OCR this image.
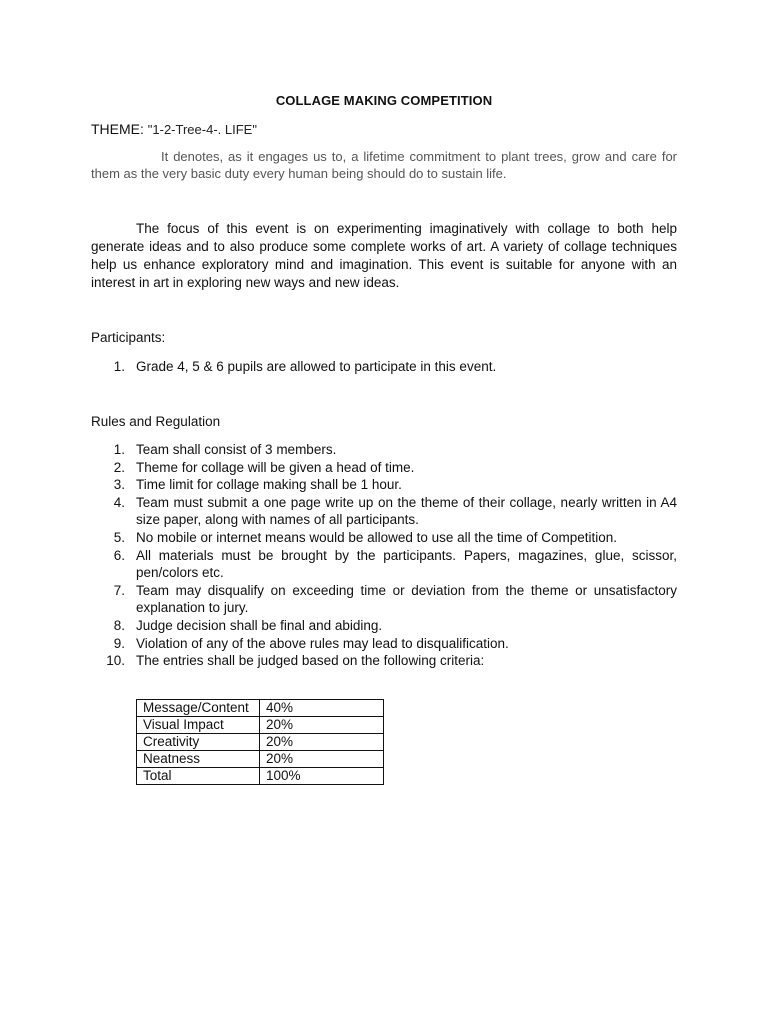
COLLAGE MAKING COMPETITION
THEME: "1-2-Tree-4-. LIFE"

It denotes, as it engages us to, a lifetime commitment to plant trees, grow and care for them as the very basic duty every human being should do to sustain life.

The focus of this event is on experimenting imaginatively with collage to both help generate ideas and to also produce some complete works of art. A variety of collage techniques help us enhance exploratory mind and imagination. This event is suitable for anyone with an interest in art in exploring new ways and new ideas.

Participants:
1. Grade 4, 5 & 6 pupils are allowed to participate in this event.
Rules and Regulation
1. Team shall consist of 3 members.
2. Theme for collage will be given a head of time.
3. Time limit for collage making shall be 1 hour.
4. Team must submit a one page write up on the theme of their collage, nearly written in A4 size paper, along with names of all participants.
5. No mobile or internet means would be allowed to use all the time of Competition.
6. All materials must be brought by the participants. Papers, magazines, glue, scissor, pen/colors etc.
7. Team may disqualify on exceeding time or deviation from the theme or unsatisfactory explanation to jury.
8. Judge decision shall be final and abiding.
9. Violation of any of the above rules may lead to disqualification.
10. The entries shall be judged based on the following criteria:
Message/Content	40%
Visual Impact	20%
Creativity	20%
Neatness	20%
Total	100%
